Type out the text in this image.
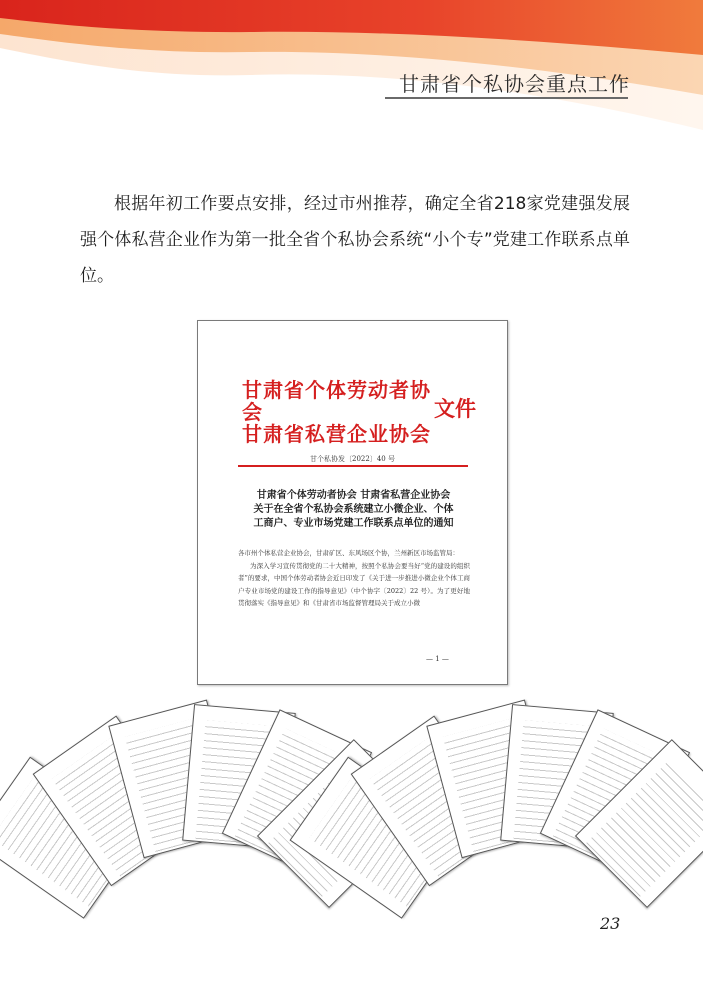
甘肃省个私协会重点工作
根据年初工作要点安排，经过市州推荐，确定全省218家党建强发展强个体私营企业作为第一批全省个私协会系统“小个专”党建工作联系点单位。
甘肃省个体劳动者协会
甘肃省私营企业协会
文件
甘个私协发〔2022〕40 号
甘肃省个体劳动者协会 甘肃省私营企业协会
关于在全省个私协会系统建立小微企业、个体
工商户、专业市场党建工作联系点单位的通知

各市州个体私营企业协会，甘肃矿区、东风场区个协，兰州新区市场监管局：

为深入学习宣传贯彻党的二十大精神，按照个私协会要当好“党的建设的组织者”的要求，中国个体劳动者协会近日印发了《关于进一步推进小微企业个体工商户专业市场党的建设工作的指导意见》（中个协字〔2022〕22 号）。为了更好地贯彻落实《指导意见》和《甘肃省市场监督管理局关于成立小微

— 1 —
23
